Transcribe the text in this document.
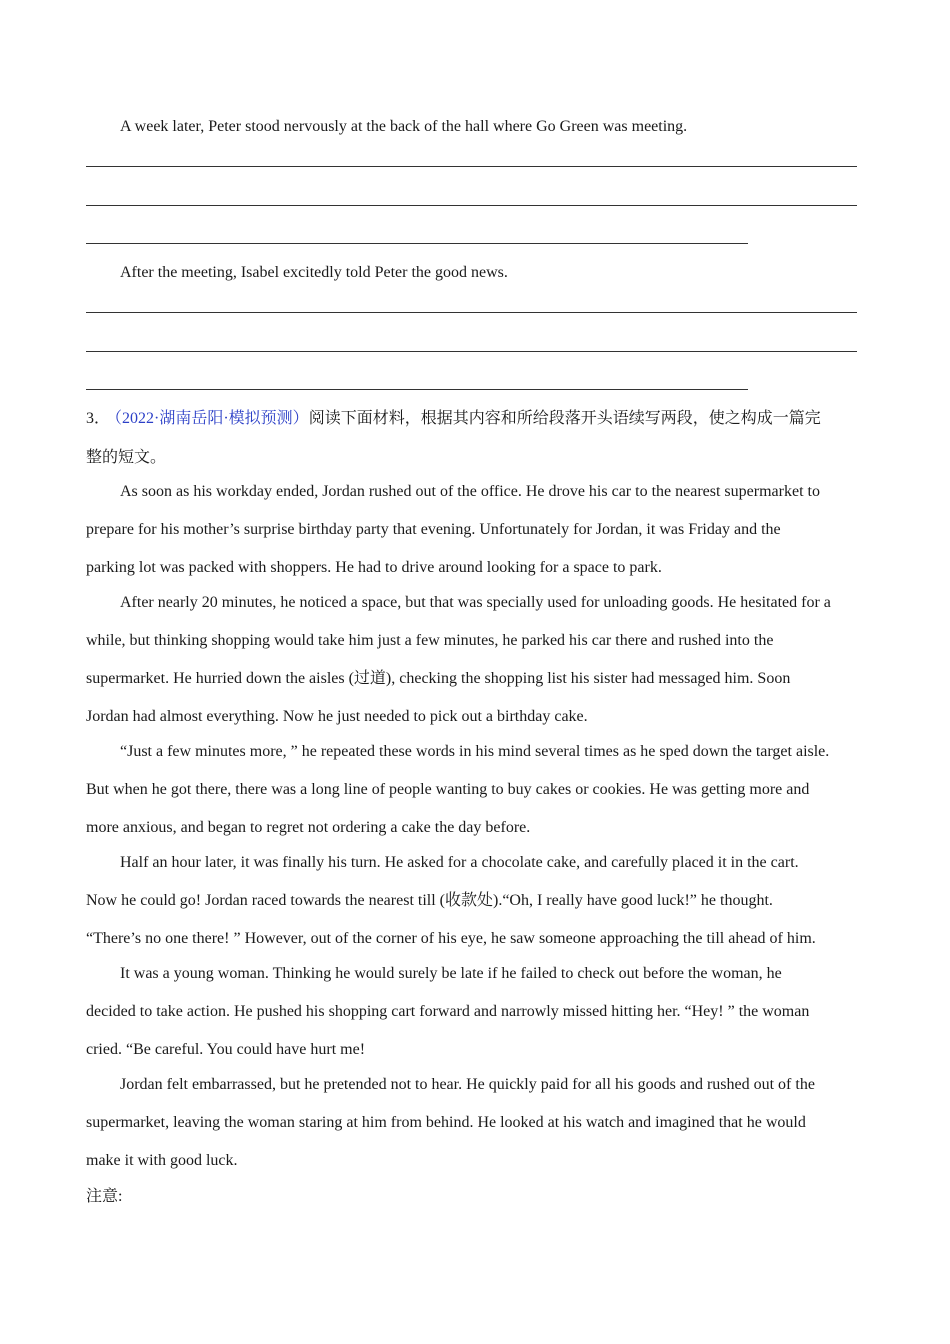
A week later, Peter stood nervously at the back of the hall where Go Green was meeting.
After the meeting, Isabel excitedly told Peter the good news.
3． （2022·湖南岳阳·模拟预测）阅读下面材料，根据其内容和所给段落开头语续写两段，使之构成一篇完
整的短文。
As soon as his workday ended, Jordan rushed out of the office. He drove his car to the nearest supermarket to
prepare for his mother’s surprise birthday party that evening. Unfortunately for Jordan, it was Friday and the
parking lot was packed with shoppers. He had to drive around looking for a space to park.
After nearly 20 minutes, he noticed a space, but that was specially used for unloading goods. He hesitated for a
while, but thinking shopping would take him just a few minutes, he parked his car there and rushed into the
supermarket. He hurried down the aisles (过道), checking the shopping list his sister had messaged him. Soon
Jordan had almost everything. Now he just needed to pick out a birthday cake.
“Just a few minutes more, ” he repeated these words in his mind several times as he sped down the target aisle.
But when he got there, there was a long line of people wanting to buy cakes or cookies. He was getting more and
more anxious, and began to regret not ordering a cake the day before.
Half an hour later, it was finally his turn. He asked for a chocolate cake, and carefully placed it in the cart.
Now he could go! Jordan raced towards the nearest till (收款处).“Oh, I really have good luck!” he thought.
“There’s no one there! ” However, out of the corner of his eye, he saw someone approaching the till ahead of him.
It was a young woman. Thinking he would surely be late if he failed to check out before the woman, he
decided to take action. He pushed his shopping cart forward and narrowly missed hitting her. “Hey! ” the woman
cried. “Be careful. You could have hurt me!
Jordan felt embarrassed, but he pretended not to hear. He quickly paid for all his goods and rushed out of the
supermarket, leaving the woman staring at him from behind. He looked at his watch and imagined that he would
make it with good luck.
注意:
